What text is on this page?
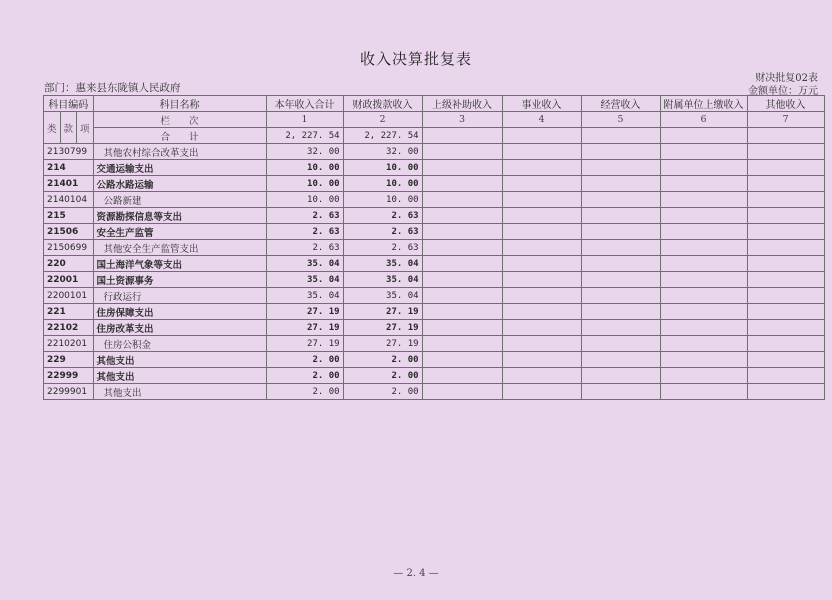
收入决算批复表
部门：惠来县东陇镇人民政府
财决批复02表
金额单位：万元
科目编码			科目名称	本年收入合计	财政拨款收入	上级补助收入	事业收入	经营收入	附属单位上缴收入	其他收入
类	款	项	栏　　次	1	2	3	4	5	6	7
			合　　计	2, 227. 54	2, 227. 54					
2130799			其他农村综合改革支出	32. 00	32. 00					
214			交通运输支出	10. 00	10. 00					
21401			公路水路运输	10. 00	10. 00					
2140104			公路新建	10. 00	10. 00					
215			资源勘探信息等支出	2. 63	2. 63					
21506			安全生产监管	2. 63	2. 63					
2150699			其他安全生产监管支出	2. 63	2. 63					
220			国土海洋气象等支出	35. 04	35. 04					
22001			国土资源事务	35. 04	35. 04					
2200101			行政运行	35. 04	35. 04					
221			住房保障支出	27. 19	27. 19					
22102			住房改革支出	27. 19	27. 19					
2210201			住房公积金	27. 19	27. 19					
229			其他支出	2. 00	2. 00					
22999			其他支出	2. 00	2. 00					
2299901			其他支出	2. 00	2. 00					
— 2. 4 —
